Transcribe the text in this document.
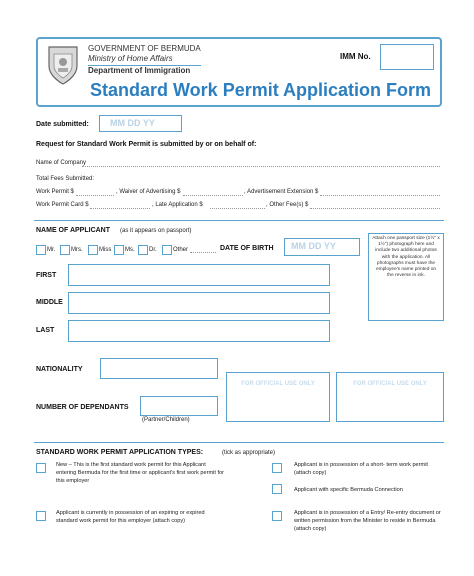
GOVERNMENT OF BERMUDA
Ministry of Home Affairs
Department of Immigration
IMM No.
Standard Work Permit Application Form
Date submitted: MM DD YY
Request for Standard Work Permit is submitted by or on behalf of:
Name of Company
Total Fees Submitted:
Work Permit $	, Waiver of Advertising $	, Advertisement Extension $
Work Permit Card $	, Late Application $	, Other Fee(s) $
NAME OF APPLICANT (as it appears on passport)
Mr.	Mrs.	Miss Ms. Dr.	Other	DATE OF BIRTH MM DD YY
Attach one passport size (1½" x 1½") photograph here and include two additional photos with the application. All photographs must have the employee's name printed on the reverse in ink.
FIRST
MIDDLE
LAST
NATIONALITY
FOR OFFICIAL USE ONLY	FOR OFFICIAL USE ONLY
NUMBER OF DEPENDANTS
(Partner/Children)
STANDARD WORK PERMIT APPLICATION TYPES:	(tick as appropriate)
New – This is the first standard work permit for this Applicant entering Bermuda for the first time or applicant's first work permit for this employer
Applicant is currently in possession of an expiring or expired standard work permit for this employer (attach copy)
Applicant is in possession of a short- term work permit (attach copy)
Applicant with specific Bermuda Connection
Applicant is in possession of a Entry/ Re-entry document or written permission from the Minister to reside in Bermuda (attach copy)
